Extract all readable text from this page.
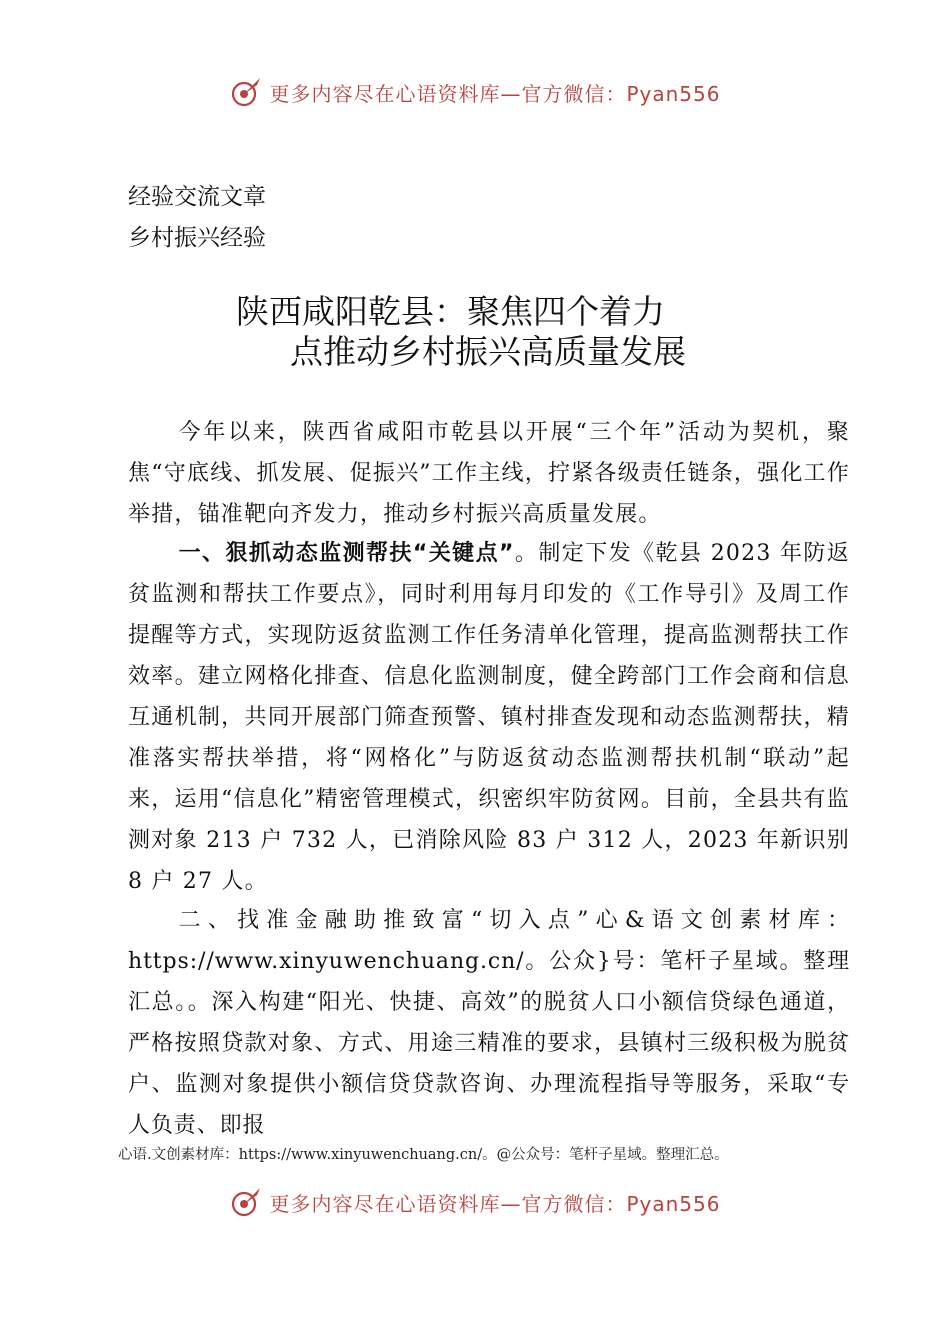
更多内容尽在心语资料库—官方微信：Pyan556
经验交流文章
乡村振兴经验
陕西咸阳乾县：聚焦四个着力
点推动乡村振兴高质量发展

今年以来，陕西省咸阳市乾县以开展“三个年”活动为契机，聚焦“守底线、抓发展、促振兴”工作主线，拧紧各级责任链条，强化工作举措，锚准靶向齐发力，推动乡村振兴高质量发展。

一、狠抓动态监测帮扶“关键点”。制定下发《乾县 2023 年防返贫监测和帮扶工作要点》，同时利用每月印发的《工作导引》及周工作提醒等方式，实现防返贫监测工作任务清单化管理，提高监测帮扶工作效率。建立网格化排查、信息化监测制度，健全跨部门工作会商和信息互通机制，共同开展部门筛查预警、镇村排查发现和动态监测帮扶，精准落实帮扶举措，将“网格化”与防返贫动态监测帮扶机制“联动”起来，运用“信息化”精密管理模式，织密织牢防贫网。目前，全县共有监测对象 213 户 732 人，已消除风险 83 户 312 人，2023 年新识别 8 户 27 人。

二、找准金融助推致富“切入点”心&语文创素材库：https://www.xinyuwenchuang.cn/。公众}号：笔杆子星域。整理汇总。。深入构建“阳光、快捷、高效”的脱贫人口小额信贷绿色通道，严格按照贷款对象、方式、用途三精准的要求，县镇村三级积极为脱贫户、监测对象提供小额信贷贷款咨询、办理流程指导等服务，采取“专人负责、即报

心语.文创素材库：https://www.xinyuwenchuang.cn/。@公众号：笔杆子星域。整理汇总。
更多内容尽在心语资料库—官方微信：Pyan556
